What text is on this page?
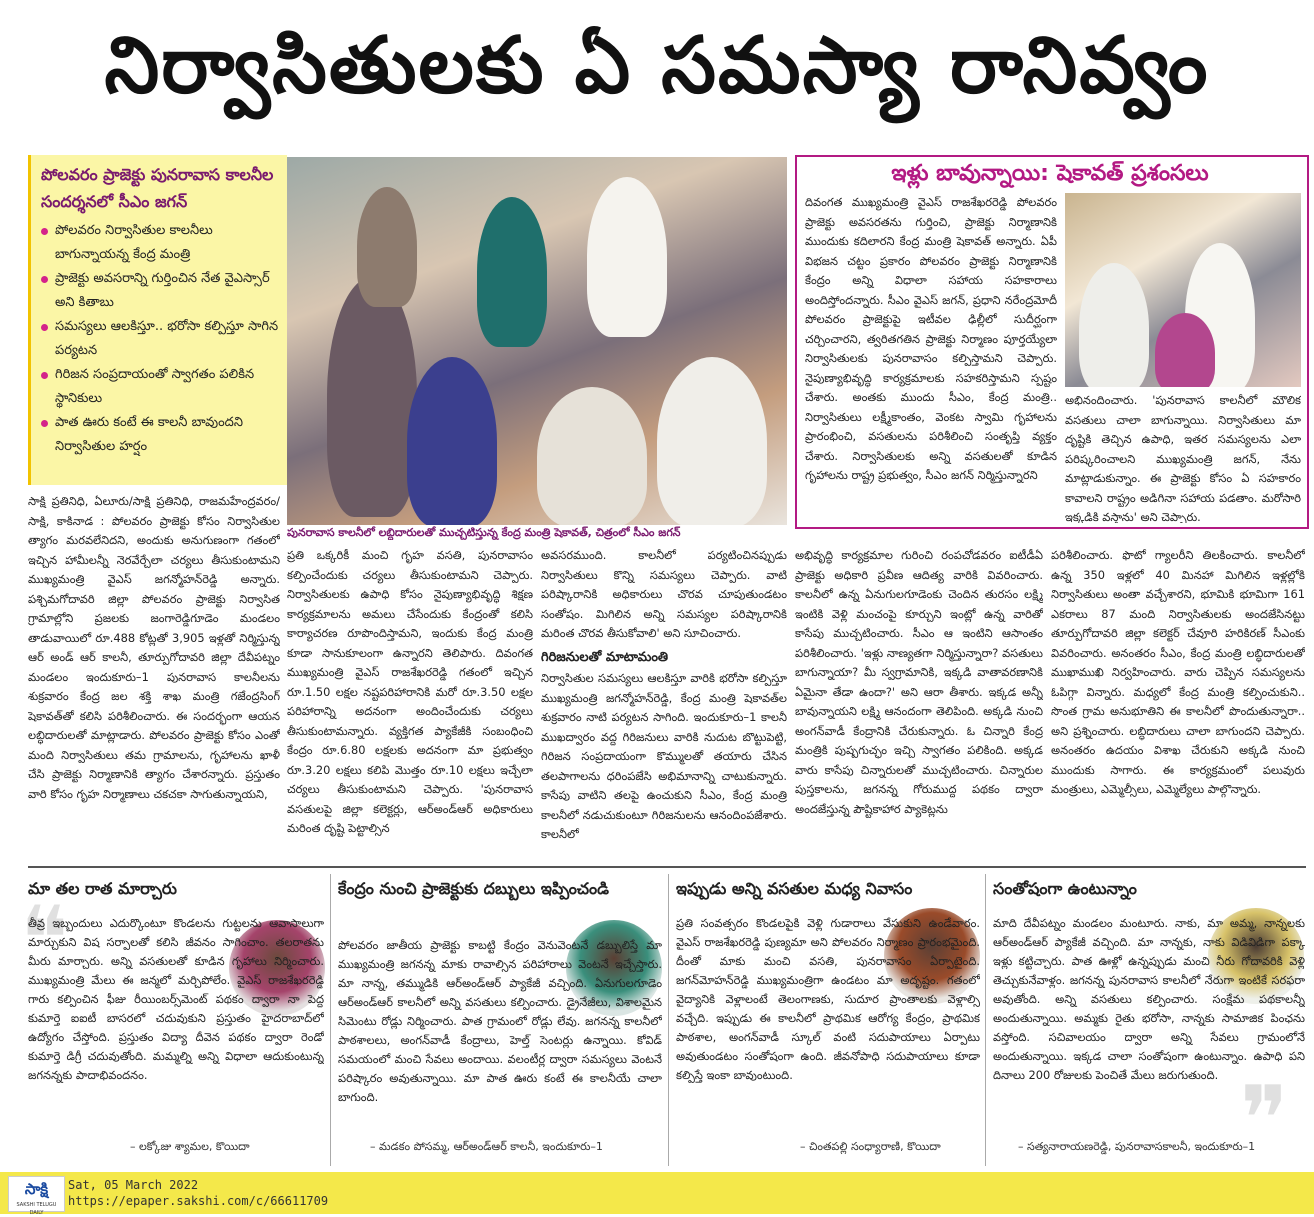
నిర్వాసితులకు ఏ సమస్యా రానివ్వం
పోలవరం ప్రాజెక్టు పునరావాస కాలనీల సందర్శనలో సీఎం జగన్
పోలవరం నిర్వాసితుల కాలనీలు బాగున్నాయన్న కేంద్ర మంత్రి
ప్రాజెక్టు అవసరాన్ని గుర్తించిన నేత వైఎస్సార్ అని కితాబు
సమస్యలు ఆలకిస్తూ.. భరోసా కల్పిస్తూ సాగిన పర్యటన
గిరిజన సంప్రదాయంతో స్వాగతం పలికిన స్థానికులు
పాత ఊరు కంటే ఈ కాలనీ బావుందని నిర్వాసితుల హర్షం
పునరావాస కాలనీలో లబ్ధిదారులతో ముచ్చటిస్తున్న కేంద్ర మంత్రి షెకావత్, చిత్రంలో సీఎం జగన్
ఇళ్లు బావున్నాయి: షెకావత్ ప్రశంసలు
దివంగత ముఖ్యమంత్రి వైఎస్ రాజశేఖరరెడ్డి పోలవరం ప్రాజెక్టు అవసరతను గుర్తించి, ప్రాజెక్టు నిర్మాణానికి ముందుకు కదిలారని కేంద్ర మంత్రి షెకావత్ అన్నారు. ఏపీ విభజన చట్టం ప్రకారం పోలవరం ప్రాజెక్టు నిర్మాణానికి కేంద్రం అన్ని విధాలా సహాయ సహకారాలు అందిస్తోందన్నారు. సీఎం వైఎస్ జగన్, ప్రధాని నరేంద్రమోదీ పోలవరం ప్రాజెక్టుపై ఇటీవల ఢిల్లీలో సుదీర్ఘంగా చర్చించారని, త్వరితగతిన ప్రాజెక్టు నిర్మాణం పూర్తయ్యేలా నిర్వాసితులకు పునరావాసం కల్పిస్తామని చెప్పారు. నైపుణ్యాభివృద్ధి కార్యక్రమాలకు సహకరిస్తామని స్పష్టం చేశారు. అంతకు ముందు సీఎం, కేంద్ర మంత్రి.. నిర్వాసితులు లక్ష్మీకాంతం, వెంకట స్వామి గృహాలను ప్రారంభించి, వసతులను పరిశీలించి సంతృప్తి వ్యక్తం చేశారు. నిర్వాసితులకు అన్ని వసతులతో కూడిన గృహాలను రాష్ట్ర ప్రభుత్వం, సీఎం జగన్ నిర్మిస్తున్నారని
అభినందించారు. 'పునరావాస కాలనీలో మౌలిక వసతులు చాలా బాగున్నాయి. నిర్వాసితులు మా దృష్టికి తెచ్చిన ఉపాధి, ఇతర సమస్యలను ఎలా పరిష్కరించాలని ముఖ్యమంత్రి జగన్, నేను మాట్లాడుకున్నాం. ఈ ప్రాజెక్టు కోసం ఏ సహకారం కావాలని రాష్ట్రం అడిగినా సహాయ పడతాం. మరోసారి ఇక్కడికి వస్తాను' అని చెప్పారు.
సాక్షి ప్రతినిధి, ఏలూరు/సాక్షి ప్రతినిధి, రాజమహేంద్రవరం/సాక్షి, కాకినాడ : పోలవరం ప్రాజెక్టు కోసం నిర్వాసితుల త్యాగం మరవలేనిదని, అందుకు అనుగుణంగా గతంలో ఇచ్చిన హామీలన్నీ నెరవేర్చేలా చర్యలు తీసుకుంటామని ముఖ్యమంత్రి వైఎస్ జగన్మోహన్‌రెడ్డి అన్నారు. పశ్చిమగోదావరి జిల్లా పోలవరం ప్రాజెక్టు నిర్వాసిత గ్రామాల్లోని ప్రజలకు జంగారెడ్డిగూడెం మండలం తాడువాయిలో రూ.488 కోట్లతో 3,905 ఇళ్లతో నిర్మిస్తున్న ఆర్ అండ్ ఆర్ కాలనీ, తూర్పుగోదావరి జిల్లా దేవీపట్నం మండలం ఇందుకూరు–1 పునరావాస కాలనీలను శుక్రవారం కేంద్ర జల శక్తి శాఖ మంత్రి గజేంద్రసింగ్ షెకావత్‌తో కలిసి పరిశీలించారు. ఈ సందర్భంగా ఆయన లబ్ధిదారులతో మాట్లాడారు. పోలవరం ప్రాజెక్టు కోసం ఎంతో మంది నిర్వాసితులు తమ గ్రామాలను, గృహాలను ఖాళీ చేసి ప్రాజెక్టు నిర్మాణానికి త్యాగం చేశారన్నారు. ప్రస్తుతం వారి కోసం గృహ నిర్మాణాలు చకచకా సాగుతున్నాయని,
ప్రతి ఒక్కరికీ మంచి గృహ వసతి, పునరావాసం కల్పించేందుకు చర్యలు తీసుకుంటామని చెప్పారు. నిర్వాసితులకు ఉపాధి కోసం నైపుణ్యాభివృద్ధి శిక్షణ కార్యక్రమాలను అమలు చేసేందుకు కేంద్రంతో కలిసి కార్యాచరణ రూపొందిస్తామని, ఇందుకు కేంద్ర మంత్రి కూడా సానుకూలంగా ఉన్నారని తెలిపారు. దివంగత ముఖ్యమంత్రి వైఎస్ రాజశేఖరరెడ్డి గతంలో ఇచ్చిన రూ.1.50 లక్షల నష్టపరిహారానికి మరో రూ.3.50 లక్షల పరిహారాన్ని అదనంగా అందించేందుకు చర్యలు తీసుకుంటామన్నారు. వ్యక్తిగత ప్యాకేజీకి సంబంధించి కేంద్రం రూ.6.80 లక్షలకు అదనంగా మా ప్రభుత్వం రూ.3.20 లక్షలు కలిపి మొత్తం రూ.10 లక్షలు ఇచ్చేలా చర్యలు తీసుకుంటామని చెప్పారు. 'పునరావాస వసతులపై జిల్లా కలెక్టర్లు, ఆర్అండ్ఆర్ అధికారులు మరింత దృష్టి పెట్టాల్సిన

అవసరముంది. కాలనీలో పర్యటించినప్పుడు నిర్వాసితులు కొన్ని సమస్యలు చెప్పారు. వాటి పరిష్కారానికి అధికారులు చొరవ చూపుతుండటం సంతోషం. మిగిలిన అన్ని సమస్యల పరిష్కారానికి మరింత చొరవ తీసుకోవాలి' అని సూచించారు.

గిరిజనులతో మాటామంతి

నిర్వాసితుల సమస్యలు ఆలకిస్తూ వారికి భరోసా కల్పిస్తూ ముఖ్యమంత్రి జగన్మోహన్‌రెడ్డి, కేంద్ర మంత్రి షెకావత్‌ల శుక్రవారం నాటి పర్యటన సాగింది. ఇందుకూరు–1 కాలనీ ముఖద్వారం వద్ద గిరిజనులు వారికి నుదుట బొట్టుపెట్టి, గిరిజన సంప్రదాయంగా కొమ్ములతో తయారు చేసిన తలపాగాలను ధరింపజేసి అభిమానాన్ని చాటుకున్నారు. కాసేపు వాటిని తలపై ఉంచుకుని సీఎం, కేంద్ర మంత్రి కాలనీలో నడుచుకుంటూ గిరిజనులను ఆనందింపజేశారు. కాలనీలో

అభివృద్ధి కార్యక్రమాల గురించి రంపచోడవరం ఐటీడీఏ ప్రాజెక్టు అధికారి ప్రవీణ ఆదిత్య వారికి వివరించారు. కాలనీలో ఉన్న ఏనుగులగూడెంకు చెందిన తురసం లక్ష్మి ఇంటికి వెళ్లి మంచంపై కూర్చుని ఇంట్లో ఉన్న వారితో కాసేపు ముచ్చటించారు. సీఎం ఆ ఇంటిని ఆసాంతం పరిశీలించారు. 'ఇళ్లు నాణ్యతగా నిర్మిస్తున్నారా? వసతులు బాగున్నాయా? మీ స్వగ్రామానికి, ఇక్కడి వాతావరణానికి ఏమైనా తేడా ఉందా?' అని ఆరా తీశారు. ఇక్కడ అన్నీ బావున్నాయని లక్ష్మి ఆనందంగా తెలిపింది. అక్కడి నుంచి అంగన్‌వాడీ కేంద్రానికి చేరుకున్నారు. ఓ చిన్నారి కేంద్ర మంత్రికి పుష్పగుచ్ఛం ఇచ్చి స్వాగతం పలికింది. అక్కడ వారు కాసేపు చిన్నారులతో ముచ్చటించారు. చిన్నారుల పుస్తకాలను, జగనన్న గోరుముద్ద పథకం ద్వారా అందజేస్తున్న పౌష్టికాహార ప్యాకెట్లను
పరిశీలించారు. ఫొటో గ్యాలరీని తిలకించారు. కాలనీలో ఉన్న 350 ఇళ్లలో 40 మినహా మిగిలిన ఇళ్లల్లోకి నిర్వాసితులు అంతా వచ్చేశారని, భూమికి భూమిగా 161 ఎకరాలు 87 మంది నిర్వాసితులకు అందజేసినట్టు తూర్పుగోదావరి జిల్లా కలెక్టర్ చేవూరి హరికిరణ్ సీఎంకు వివరించారు. అనంతరం సీఎం, కేంద్ర మంత్రి లబ్ధిదారులతో ముఖాముఖి నిర్వహించారు. వారు చెప్పిన సమస్యలను ఓపిగ్గా విన్నారు. మధ్యలో కేంద్ర మంత్రి కల్పించుకుని.. సొంత గ్రామ అనుభూతిని ఈ కాలనీలో పొందుతున్నారా.. అని ప్రశ్నించారు. లబ్ధిదారులు చాలా బాగుందని చెప్పారు. అనంతరం ఉదయం విశాఖ చేరుకుని అక్కడి నుంచి ముందుకు సాగారు. ఈ కార్యక్రమంలో పలువురు మంత్రులు, ఎమ్మెల్సీలు, ఎమ్మెల్యేలు పాల్గొన్నారు.
❝
మా తల రాత మార్చారు
తీవ్ర ఇబ్బందులు ఎదుర్కొంటూ కొండలను గుట్టలను ఆవాసాలుగా మార్చుకుని విష సర్పాలతో కలిసి జీవనం సాగించాం. తలరాతను మీరు మార్చారు. అన్ని వసతులతో కూడిన గృహాలు నిర్మించారు. ముఖ్యమంత్రి మేలు ఈ జన్మలో మర్చిపోలేం. వైఎస్ రాజశేఖరరెడ్డి గారు కల్పించిన ఫీజు రీయింబర్స్‌మెంట్ పథకం ద్వారా నా పెద్ద కుమార్తె ఐఐటీ బాసరలో చదువుకుని ప్రస్తుతం హైదరాబాద్‌లో ఉద్యోగం చేస్తోంది. ప్రస్తుతం విద్యా దీవెన పథకం ద్వారా రెండో కుమార్తె డిగ్రీ చదువుతోంది. మమ్మల్ని అన్ని విధాలా ఆదుకుంటున్న జగనన్నకు పాదాభివందనం.
– లక్కోజు శ్యామల, కొయిదా
కేంద్రం నుంచి ప్రాజెక్టుకు దబ్బులు ఇప్పించండి
పోలవరం జాతీయ ప్రాజెక్టు కాబట్టి కేంద్రం వెనువెంటనే డబ్బులిస్తే మా ముఖ్యమంత్రి జగనన్న మాకు రావాల్సిన పరిహారాలు వెంటనే ఇచ్చేస్తారు. మా నాన్న, తమ్ముడికి ఆర్అండ్ఆర్ ప్యాకేజీ వచ్చింది. ఏనుగులగూడెం ఆర్అండ్ఆర్ కాలనీలో అన్ని వసతులు కల్పించారు. డ్రైనేజీలు, విశాలమైన సిమెంటు రోడ్లు నిర్మించారు. పాత గ్రామంలో రోడ్లు లేవు. జగనన్న కాలనీలో పాఠశాలలు, అంగన్‌వాడీ కేంద్రాలు, హెల్త్ సెంటర్లు ఉన్నాయి. కోవిడ్ సమయంలో మంచి సేవలు అందాయి. వలంటీర్ల ద్వారా సమస్యలు వెంటనే పరిష్కారం అవుతున్నాయి. మా పాత ఊరు కంటే ఈ కాలనీయే చాలా బాగుంది.
– మడకం పోసమ్మ, ఆర్అండ్ఆర్ కాలనీ, ఇందుకూరు–1
ఇప్పుడు అన్ని వసతుల మధ్య నివాసం
ప్రతి సంవత్సరం కొండలపైకి వెళ్లి గుడారాలు వేసుకుని ఉండేవారం. వైఎస్ రాజశేఖరరెడ్డి పుణ్యమా అని పోలవరం నిర్మాణం ప్రారంభమైంది. దీంతో మాకు మంచి వసతి, పునరావాసం ఏర్పాటైంది. జగన్‌మోహన్‌రెడ్డి ముఖ్యమంత్రిగా ఉండటం మా అదృష్టం. గతంలో వైద్యానికి వెళ్లాలంటే తెలంగాణకు, సుదూర ప్రాంతాలకు వెళ్లాల్సి వచ్చేది. ఇప్పుడు ఈ కాలనీలో ప్రాథమిక ఆరోగ్య కేంద్రం, ప్రాథమిక పాఠశాల, అంగన్‌వాడీ స్కూల్ వంటి సదుపాయాలు ఏర్పాటు అవుతుండటం సంతోషంగా ఉంది. జీవనోపాధి సదుపాయాలు కూడా కల్పిస్తే ఇంకా బావుంటుంది.
– చింతపల్లి సంధ్యారాణి, కొయిదా
సంతోషంగా ఉంటున్నాం
మాది దేవీపట్నం మండలం మంటూరు. నాకు, మా అమ్మ, నాన్నలకు ఆర్అండ్ఆర్ ప్యాకేజీ వచ్చింది. మా నాన్నకు, నాకు విడివిడిగా పక్కా ఇళ్లు కట్టిచ్చారు. పాత ఊళ్లో ఉన్నప్పుడు మంచి నీరు గోదావరికి వెళ్లి తెచ్చుకునేవాళ్లం. జగనన్న పునరావాస కాలనీలో నేరుగా ఇంటికే సరఫరా అవుతోంది. అన్ని వసతులు కల్పించారు. సంక్షేమ పథకాలన్నీ అందుతున్నాయి. అమ్మకు రైతు భరోసా, నాన్నకు సామాజిక పింఛను వస్తోంది. సచివాలయం ద్వారా అన్ని సేవలు గ్రామంలోనే అందుతున్నాయి. ఇక్కడ చాలా సంతోషంగా ఉంటున్నాం. ఉపాధి పని దినాలు 200 రోజులకు పెంచితే మేలు జరుగుతుంది.
– సత్యనారాయణరెడ్డి, పునరావాసకాలనీ, ఇందుకూరు–1
❞
సాక్షి
SAKSHI TELUGU DAILY
Sat, 05 March 2022
https://epaper.sakshi.com/c/66611709
